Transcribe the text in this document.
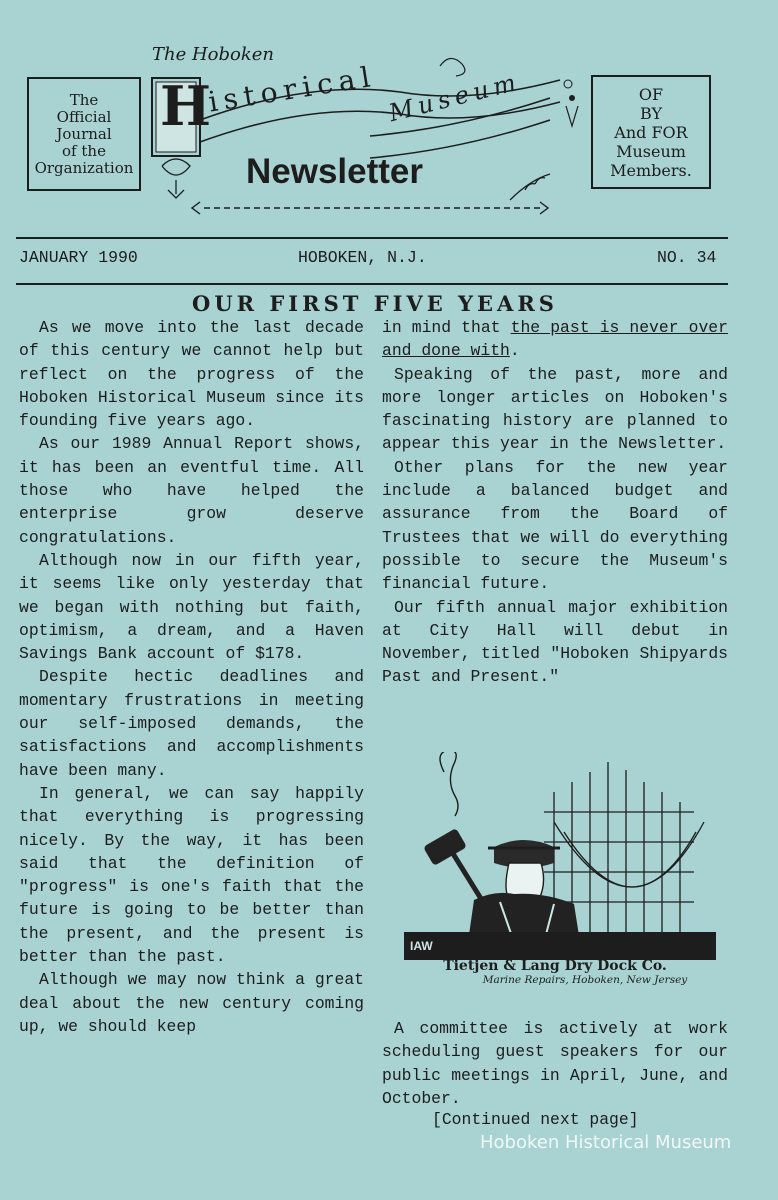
The
Official
Journal
of the
Organization
OF
BY
And FOR
Museum
Members.
The Hoboken
H
istorical Museum
Newsletter
JANUARY 1990	HOBOKEN, N.J.	NO. 34
OUR FIRST FIVE YEARS

As we move into the last decade of this century we cannot help but reflect on the progress of the Hoboken Historical Museum since its founding five years ago.

As our 1989 Annual Report shows, it has been an eventful time. All those who have helped the enterprise grow deserve congratulations.

Although now in our fifth year, it seems like only yesterday that we began with nothing but faith, optimism, a dream, and a Haven Savings Bank account of $178.

Despite hectic deadlines and momentary frustrations in meeting our self-imposed demands, the satisfactions and accomplishments have been many.

In general, we can say happily that everything is progressing nicely. By the way, it has been said that the definition of "progress" is one's faith that the future is going to be better than the present, and the present is better than the past.

Although we may now think a great deal about the new century coming up, we should keep

in mind that the past is never over and done with.

Speaking of the past, more and more longer articles on Hoboken's fascinating history are planned to appear this year in the Newsletter.

Other plans for the new year include a balanced budget and assurance from the Board of Trustees that we will do everything possible to secure the Museum's financial future.

Our fifth annual major exhibition at City Hall will debut in November, titled "Hoboken Shipyards Past and Present."

IAW
Tietjen & Lang Dry Dock Co.
Marine Repairs, Hoboken, New Jersey

A committee is actively at work scheduling guest speakers for our public meetings in April, June, and October.

[Continued next page]
Hoboken Historical Museum
